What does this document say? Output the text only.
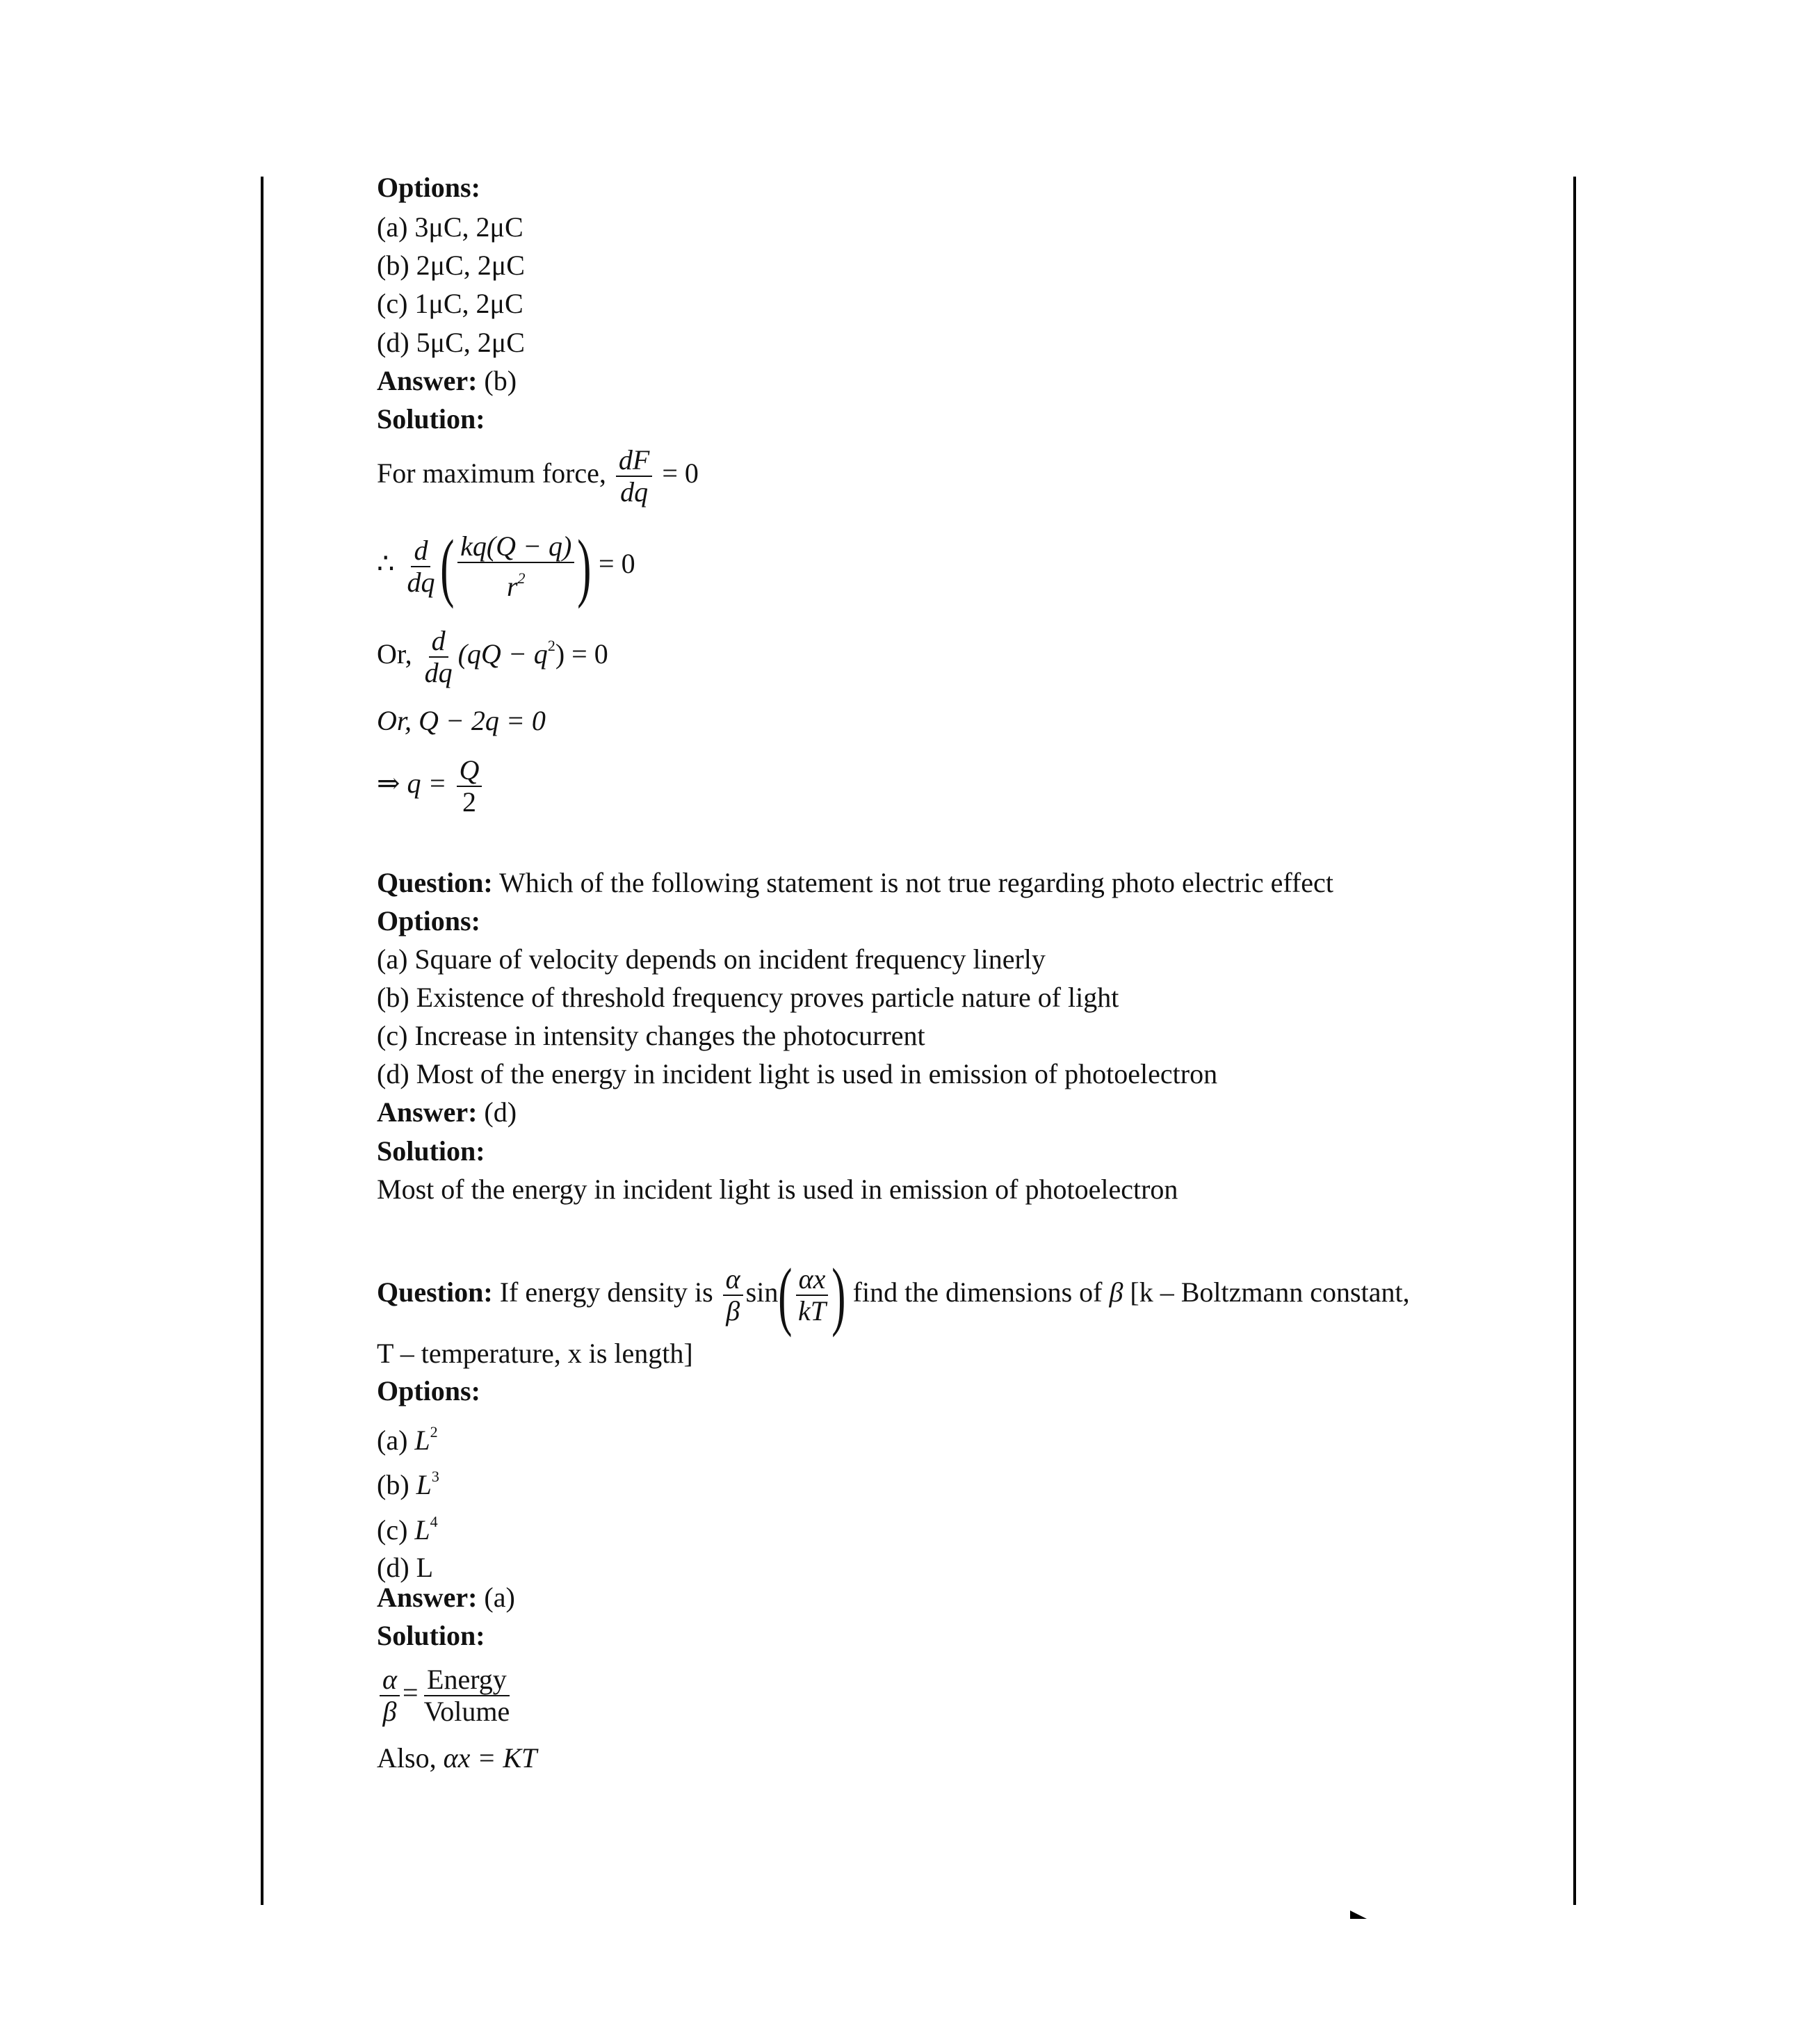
Options:
(a) 3μC, 2μC
(b) 2μC, 2μC
(c) 1μC, 2μC
(d) 5μC, 2μC
Answer: (b)
Solution:
For maximum force, $\frac{dF}{dq} = 0$
∴ $\frac{d}{dq}$ ( $\frac{kq(Q - q)}{r^2}$ ) = 0
Or, $\frac{d}{dq} (qQ - q^2) = 0$
Or, Q − 2q = 0
⇒ $q = \frac{Q}{2}$
Question: Which of the following statement is not true regarding photo electric effect
Options:
(a) Square of velocity depends on incident frequency linerly
(b) Existence of threshold frequency proves particle nature of light
(c) Increase in intensity changes the photocurrent
(d) Most of the energy in incident light is used in emission of photoelectron
Answer: (d)
Solution:
Most of the energy in incident light is used in emission of photoelectron
Question: If energy density is $\frac{\alpha}{\beta} \sin( \frac{\alpha x}{kT}$ ) find the dimensions of β [k – Boltzmann constant,
T – temperature, x is length]
Options:
(a) $L^2$
(b) $L^3$
(c) $L^4$
(d) L
Answer: (a)
Solution:
$\frac{\alpha}{\beta} = \frac{\text{Energy}}{\text{Volume}}$
Also, αx = KT
